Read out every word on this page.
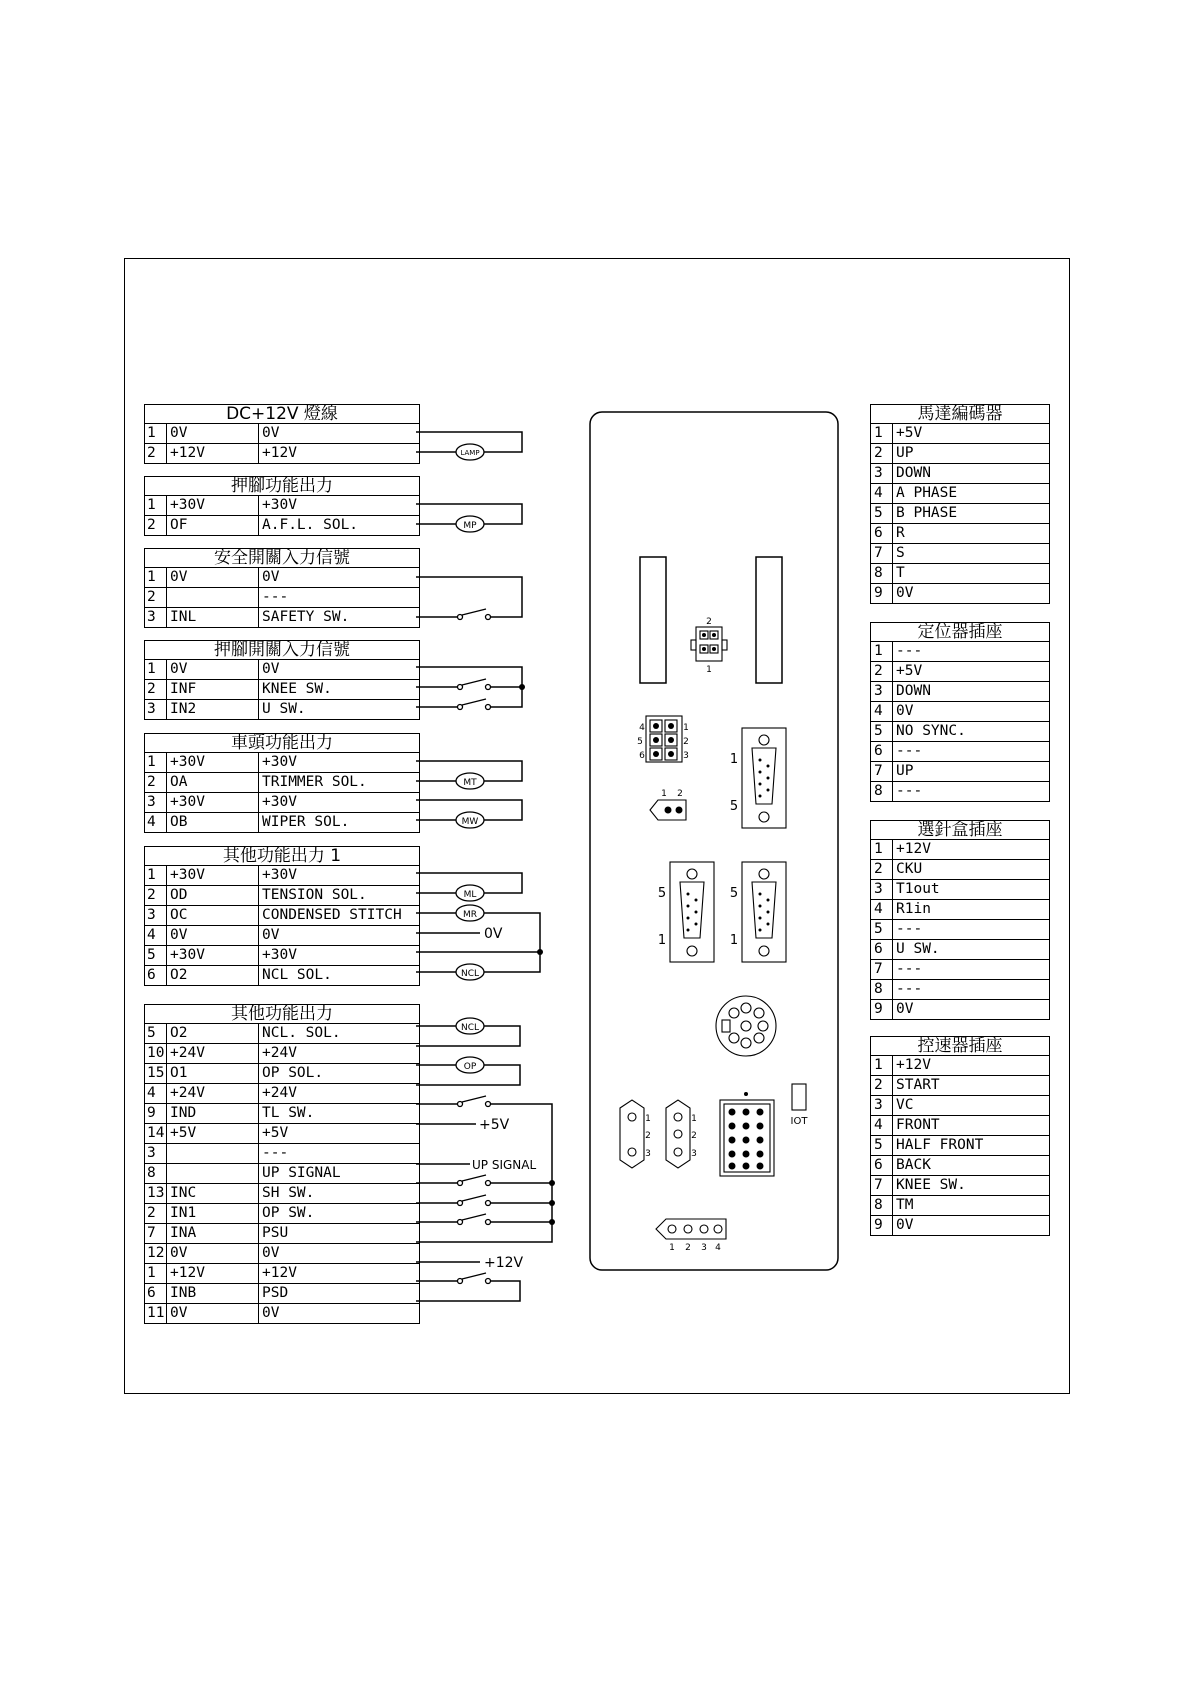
DC+12V 燈線
1 0V	0V
2 +12V	+12V
押腳功能出力
1 +30V	+30V
2 OF	A.F.L. SOL.
安全開關入力信號
1 0V	0V
2	---
3 INL	SAFETY SW.
押腳開關入力信號
1 0V	0V
2 INF	KNEE SW.
3 IN2	U SW.
車頭功能出力
1 +30V	+30V
2 OA	TRIMMER SOL.
3 +30V	+30V
4 OB	WIPER SOL.
其他功能出力 1
1 +30V	+30V
2 OD	TENSION SOL.
3 OC	CONDENSED STITCH
4 0V	0V
5 +30V	+30V
6 O2	NCL SOL.
其他功能出力
5 O2	NCL. SOL.
10 +24V	+24V
15 O1	OP SOL.
4 +24V	+24V
9 IND	TL SW.
14 +5V	+5V
3	---
8	UP SIGNAL
13 INC	SH SW.
2 IN1	OP SW.
7 INA	PSU
12 0V	0V
1 +12V	+12V
6 INB	PSD
11 0V	0V
馬達編碼器
1 +5V
2 UP
3 DOWN
4 A PHASE
5 B PHASE
6 R
7 S
8 T
9 0V
定位器插座
1 ---
2 +5V
3 DOWN
4 0V
5 NO SYNC.
6 ---
7 UP
8 ---
選針盒插座
1 +12V
2 CKU
3 T1out
4 R1in
5 ---
6 U SW.
7 ---
8 ---
9 0V
控速器插座
1 +12V
2 START
3 VC
4 FRONT
5 HALF FRONT
6 BACK
7 KNEE SW.
8 TM
9 0V
LAMP
MP
MT
MW
ML
MR
NCL
NCL
OP
0V
+5V
UP SIGNAL
+12V
2
1
4	1
5	2
6	3
1 2
1
2
3
1
2
3
1 2 3 4
1
5
5
1
5
1
IOT
